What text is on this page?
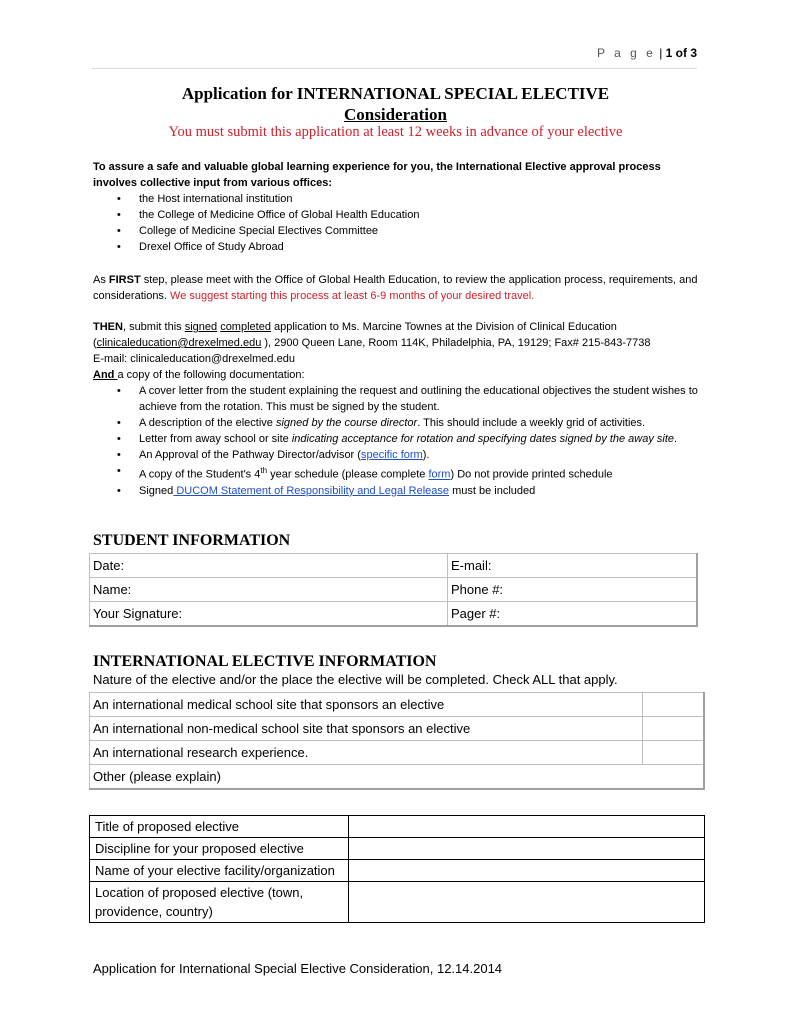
P a g e | 1 of 3
Application for INTERNATIONAL SPECIAL ELECTIVE
Consideration
You must submit this application at least 12 weeks in advance of your elective
To assure a safe and valuable global learning experience for you, the International Elective approval process involves collective input from various offices:
• the Host international institution
• the College of Medicine Office of Global Health Education
• College of Medicine Special Electives Committee
• Drexel Office of Study Abroad
As FIRST step, please meet with the Office of Global Health Education, to review the application process, requirements, and considerations. We suggest starting this process at least 6-9 months of your desired travel.
THEN, submit this signed completed application to Ms. Marcine Townes at the Division of Clinical Education
(clinicaleducation@drexelmed.edu ), 2900 Queen Lane, Room 114K, Philadelphia, PA, 19129; Fax# 215-843-7738
E-mail: clinicaleducation@drexelmed.edu
And a copy of the following documentation:
• A cover letter from the student explaining the request and outlining the educational objectives the student wishes to achieve from the rotation. This must be signed by the student.
• A description of the elective signed by the course director. This should include a weekly grid of activities.
• Letter from away school or site indicating acceptance for rotation and specifying dates signed by the away site.
• An Approval of the Pathway Director/advisor (specific form).
• A copy of the Student's 4th year schedule (please complete form) Do not provide printed schedule
• Signed DUCOM Statement of Responsibility and Legal Release must be included
STUDENT INFORMATION
Date:	E-mail:
Name:	Phone #:
Your Signature:	Pager #:
INTERNATIONAL ELECTIVE INFORMATION
Nature of the elective and/or the place the elective will be completed. Check ALL that apply.
An international medical school site that sponsors an elective	
An international non-medical school site that sponsors an elective	
An international research experience.	
Other (please explain)	
Title of proposed elective	
Discipline for your proposed elective	
Name of your elective facility/organization	
Location of proposed elective (town, providence, country)	
Application for International Special Elective Consideration, 12.14.2014
